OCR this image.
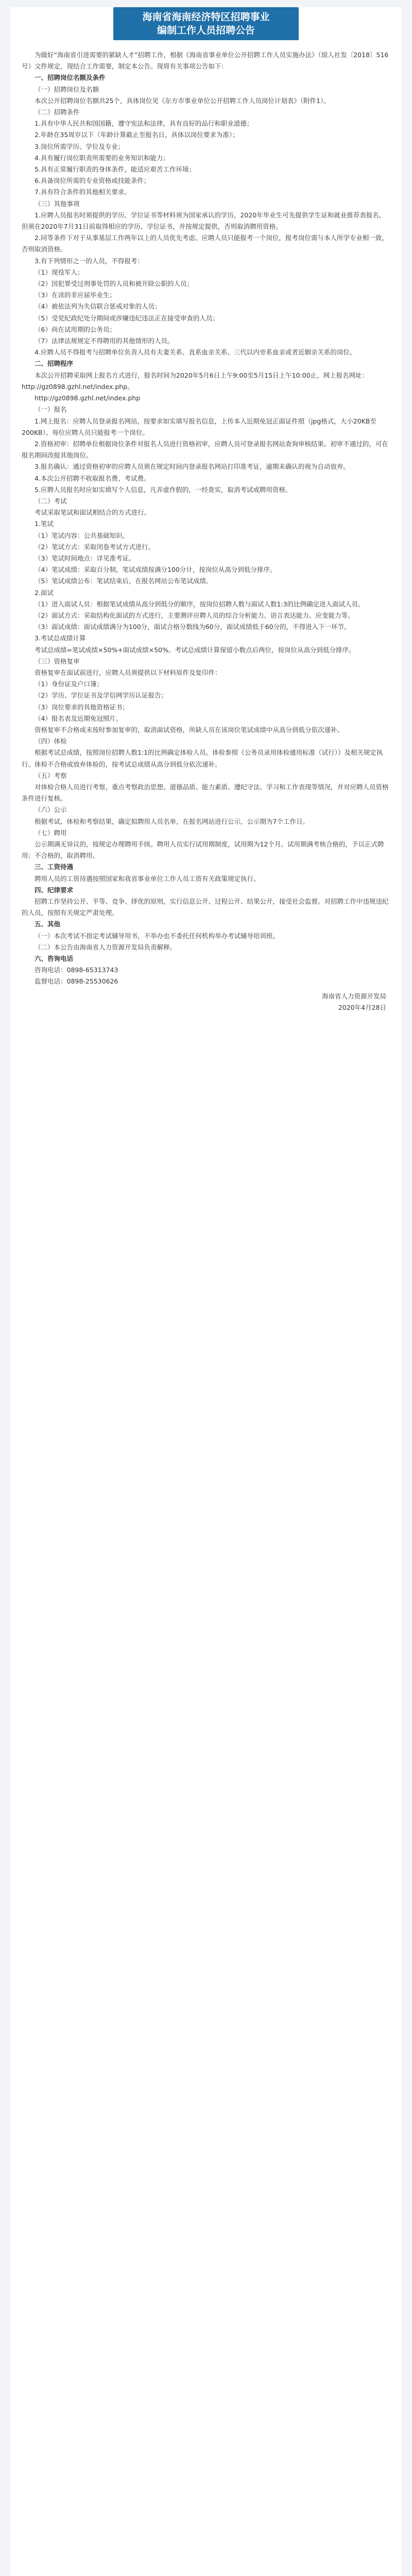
海南省海南经济特区招聘事业
编制工作人员招聘公告

为做好“海南省引进需要的紧缺人才”招聘工作，根据《海南省事业单位公开招聘工作人员实施办法》（琼人社发〔2018〕516号）文件规定，现结合工作需要，制定本公告。现将有关事项公告如下：

一、招聘岗位名额及条件

（一）招聘岗位及名额

本次公开招聘岗位名额共25个，具体岗位见《东方市事业单位公开招聘工作人员岗位计划表》（附件1）。

（二）招聘条件

1.具有中华人民共和国国籍，遵守宪法和法律，具有良好的品行和职业道德；

2.年龄在35周岁以下（年龄计算截止至报名日，具体以岗位要求为准）；

3.岗位所需学历、学位及专业；

4.具有履行岗位职责所需要的业务知识和能力；

5.具有正常履行职责的身体条件，能适应艰苦工作环境；

6.具备岗位所需的专业资格或技能条件；

7.具有符合条件的其他相关要求。

（三）其他事项

1.应聘人员报名时须提供的学历、学位证书等材料须为国家承认的学历，2020年毕业生可先提供学生证和就业推荐表报名，但须在2020年7月31日前取得相应的学历、学位证书，并按规定提供，否则取消聘用资格。

2.同等条件下对于从事基层工作两年以上的人员优先考虑。应聘人员只能报考一个岗位，报考岗位需与本人所学专业相一致，否则取消资格。

3.有下列情形之一的人员，不得报考：

（1）现役军人；

（2）因犯罪受过刑事处罚的人员和被开除公职的人员；

（3）在读的非应届毕业生；

（4）被依法列为失信联合惩戒对象的人员；

（5）受党纪政纪处分期间或涉嫌违纪违法正在接受审查的人员；

（6）尚在试用期的公务员；

（7）法律法规规定不得聘用的其他情形的人员。

4.应聘人员不得报考与招聘单位负责人员有夫妻关系、直系血亲关系、三代以内旁系血亲或者近姻亲关系的岗位。

二、招聘程序

本次公开招聘采取网上报名方式进行，报名时间为2020年5月6日上午9:00至5月15日上午10:00止，网上报名网址：http://gz0898.gzhl.net/index.php。

http://gz0898.gzhl.net/index.php

（一）报名

1.网上报名：应聘人员登录报名网站，按要求如实填写报名信息，上传本人近期免冠正面证件照（jpg格式，大小20KB至200KB）。每位应聘人员只能报考一个岗位。

2.资格初审：招聘单位根据岗位条件对报名人员进行资格初审，应聘人员可登录报名网站查询审核结果。初审不通过的，可在报名期间改报其他岗位。

3.报名确认：通过资格初审的应聘人员须在规定时间内登录报名网站打印准考证，逾期未确认的视为自动放弃。

4.本次公开招聘不收取报名费、考试费。

5.应聘人员报名时应如实填写个人信息，凡弄虚作假的，一经查实，取消考试或聘用资格。

（二）考试

考试采取笔试和面试相结合的方式进行。

1.笔试

（1）笔试内容：公共基础知识。

（2）笔试方式：采取闭卷考试方式进行。

（3）笔试时间地点：详见准考证。

（4）笔试成绩：采取百分制，笔试成绩按满分100分计，按岗位从高分到低分排序。

（5）笔试成绩公布：笔试结束后，在报名网站公布笔试成绩。

2.面试

（1）进入面试人员：根据笔试成绩从高分到低分的顺序，按岗位招聘人数与面试人数1:3的比例确定进入面试人员。

（2）面试方式：采取结构化面试的方式进行，主要测评应聘人员的综合分析能力、语言表达能力、应变能力等。

（3）面试成绩：面试成绩满分为100分，面试合格分数线为60分，面试成绩低于60分的，不得进入下一环节。

3.考试总成绩计算

考试总成绩=笔试成绩×50%+面试成绩×50%。考试总成绩计算保留小数点后两位，按岗位从高分到低分排序。

（三）资格复审

资格复审在面试前进行，应聘人员须提供以下材料原件及复印件：

（1）身份证及户口簿；

（2）学历、学位证书及学信网学历认证报告；

（3）岗位要求的其他资格证书；

（4）报名表及近期免冠照片。

资格复审不合格或未按时参加复审的，取消面试资格，所缺人员在该岗位笔试成绩中从高分到低分依次递补。

（四）体检

根据考试总成绩，按照岗位招聘人数1:1的比例确定体检人员。体检参照《公务员录用体检通用标准（试行）》及相关规定执行。体检不合格或放弃体检的，按考试总成绩从高分到低分依次递补。

（五）考察

对体检合格人员进行考察，重点考察政治思想、道德品质、能力素质、遵纪守法、学习和工作表现等情况，并对应聘人员资格条件进行复核。

（六）公示

根据考试、体检和考察结果，确定拟聘用人员名单，在报名网站进行公示，公示期为7个工作日。

（七）聘用

公示期满无异议的，按规定办理聘用手续。聘用人员实行试用期制度，试用期为12个月。试用期满考核合格的，予以正式聘用；不合格的，取消聘用。

三、工资待遇

聘用人员的工资待遇按照国家和我省事业单位工作人员工资有关政策规定执行。

四、纪律要求

招聘工作坚持公开、平等、竞争、择优的原则，实行信息公开、过程公开、结果公开，接受社会监督。对招聘工作中违规违纪的人员，按照有关规定严肃处理。

五、其他

（一）本次考试不指定考试辅导用书，不举办也不委托任何机构举办考试辅导培训班。

（二）本公告由海南省人力资源开发局负责解释。

六、咨询电话

咨询电话：0898-65313743

监督电话：0898-25530626

海南省人力资源开发局

2020年4月28日
